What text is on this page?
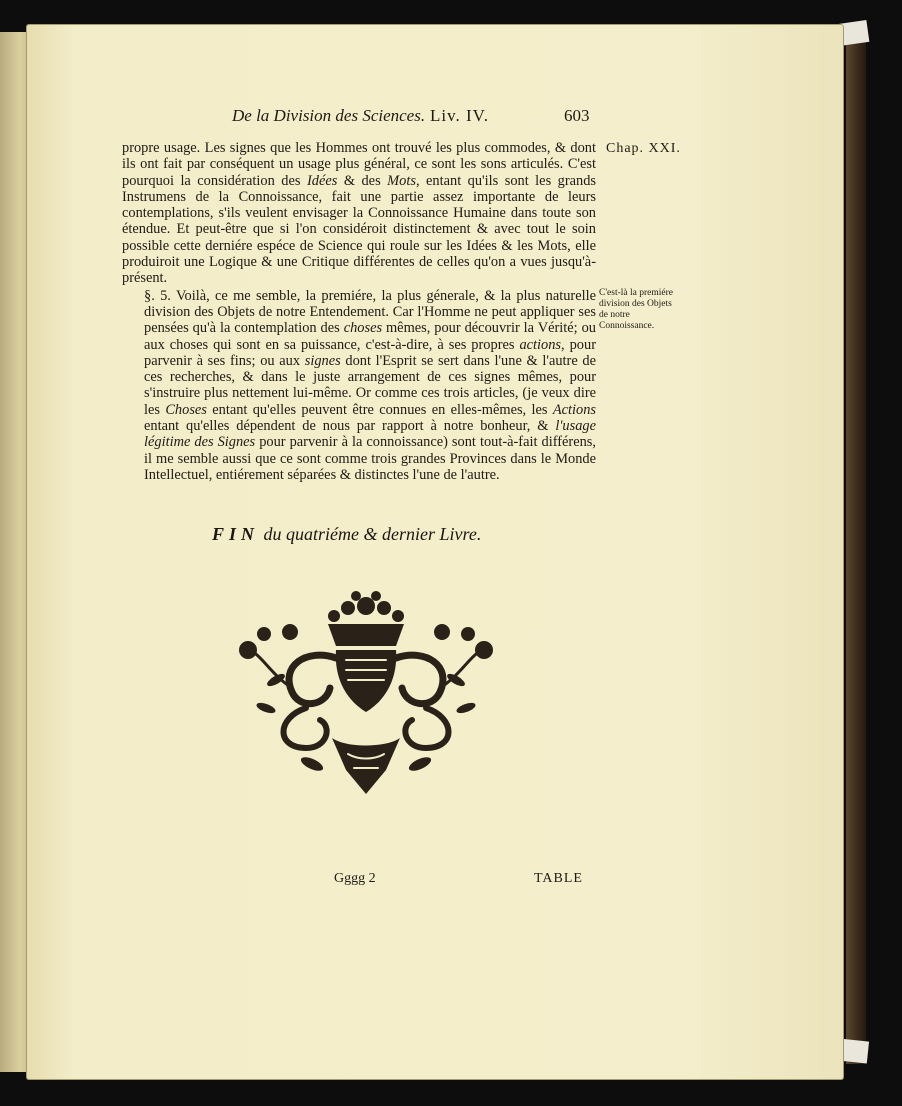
De la Division des Sciences. Liv. IV.	603
Chap. XXI.
C'est-là la premiére division des Objets de notre Connoissance.

propre usage. Les signes que les Hommes ont trouvé les plus commodes, & dont ils ont fait par conséquent un usage plus général, ce sont les sons articulés. C'est pourquoi la considération des Idées & des Mots, entant qu'ils sont les grands Instrumens de la Connoissance, fait une partie assez importante de leurs contemplations, s'ils veulent envisager la Connoissance Humaine dans toute son étendue. Et peut-être que si l'on considéroit distinctement & avec tout le soin possible cette derniére espéce de Science qui roule sur les Idées & les Mots, elle produiroit une Logique & une Critique différentes de celles qu'on a vues jusqu'à-présent.

§. 5. Voilà, ce me semble, la premiére, la plus génerale, & la plus naturelle division des Objets de notre Entendement. Car l'Homme ne peut appliquer ses pensées qu'à la contemplation des choses mêmes, pour découvrir la Vérité; ou aux choses qui sont en sa puissance, c'est-à-dire, à ses propres actions, pour parvenir à ses fins; ou aux signes dont l'Esprit se sert dans l'une & l'autre de ces recherches, & dans le juste arrangement de ces signes mêmes, pour s'instruire plus nettement lui-même. Or comme ces trois articles, (je veux dire les Choses entant qu'elles peuvent être connues en elles-mêmes, les Actions entant qu'elles dépendent de nous par rapport à notre bonheur, & l'usage légitime des Signes pour parvenir à la connoissance) sont tout-à-fait différens, il me semble aussi que ce sont comme trois grandes Provinces dans le Monde Intellectuel, entiérement séparées & distinctes l'une de l'autre.

FIN du quatriéme & dernier Livre.
Gggg 2	TABLE
